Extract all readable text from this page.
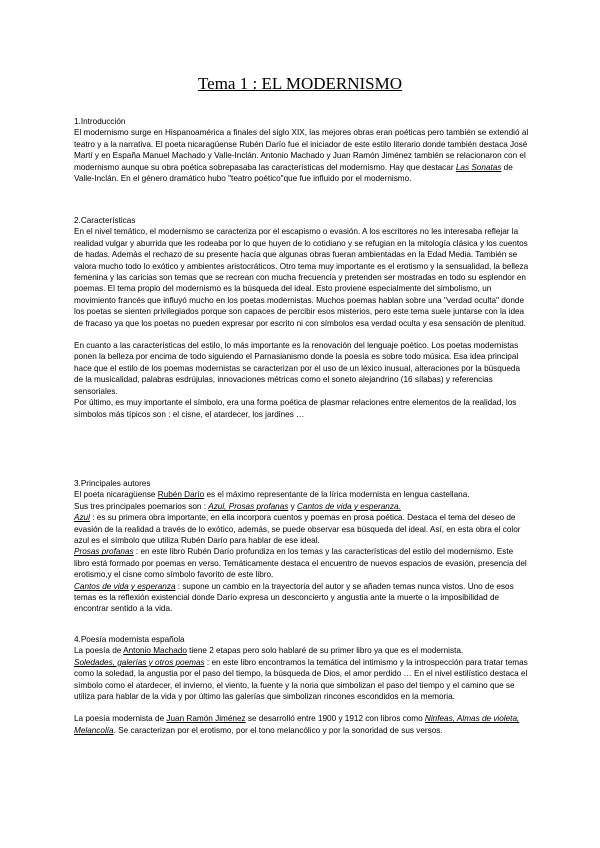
Tema 1 : EL MODERNISMO

1.Introducción

El modernismo surge en Hispanoamérica a finales del siglo XIX, las mejores obras eran poéticas pero también se extendió al teatro y a la narrativa. El poeta nicaragüense Rubén Darío fue el iniciador de este estilo literario donde también destaca José Martí y en España Manuel Machado y Valle-Inclán. Antonio Machado y Juan Ramón Jiménez también se relacionaron con el modernismo aunque su obra poética sobrepasaba las características del modernismo. Hay que destacar Las Sonatas de Valle-Inclán. En el género dramático hubo "teatro poético"que fue influido por el modernismo.

2.Características

En el nivel temático, el modernismo se caracteriza por el escapismo o evasión. A los escritores no les interesaba reflejar la realidad vulgar y aburrida que les rodeaba por lo que huyen de lo cotidiano y se refugian en la mitología clásica y los cuentos de hadas. Además el rechazo de su presente hacía que algunas obras fueran ambientadas en la Edad Media. También se valora mucho todo lo exótico y ambientes aristocráticos. Otro tema muy importante es el erotismo y la sensualidad, la belleza femenina y las caricias son temas que se recrean con mucha frecuencia y pretenden ser mostradas en todo su esplendor en poemas. El tema propio del modernismo es la búsqueda del ideal. Esto proviene especialmente del simbolismo, un movimiento francés que influyó mucho en los poetas modernistas. Muchos poemas hablan sobre una "verdad oculta" donde los poetas se sienten privilegiados porque son capaces de percibir esos misterios, pero este tema suele juntarse con la idea de fracaso ya que los poetas no pueden expresar por escrito ni con símbolos esa verdad oculta y esa sensación de plenitud.

En cuanto a las características del estilo, lo más importante es la renovación del lenguaje poético. Los poetas modernistas ponen la belleza por encima de todo siguiendo el Parnasianismo donde la poesía es sobre todo música. Esa idea principal hace que el estilo de los poemas modernistas se caracterizan por el uso de un léxico inusual, alteraciones por la búsqueda de la musicalidad, palabras esdrújulas, innovaciones métricas como el soneto alejandrino (16 sílabas) y referencias sensoriales.

Por último, es muy importante el símbolo, era una forma poética de plasmar relaciones entre elementos de la realidad, los símbolos más típicos son : el cisne, el atardecer, los jardines …

3.Principales autores

El poeta nicaragüense Rubén Darío es el máximo representante de la lírica modernista en lengua castellana.

Sus tres principales poemarios son : Azul, Prosas profanas y Cantos de vida y esperanza.

Azul : es su primera obra importante, en ella incorpora cuentos y poemas en prosa poética. Destaca el tema del deseo de evasión de la realidad a través de lo exótico, además, se puede observar esa búsqueda del ideal. Así, en esta obra el color azul es el símbolo que utiliza Rubén Darío para hablar de ese ideal.

Prosas profanas : en este libro Rubén Darío profundiza en los temas y las características del estilo del modernismo. Este libro está formado por poemas en verso. Temáticamente destaca el encuentro de nuevos espacios de evasión, presencia del erotismo,y el cisne como símbolo favorito de este libro.

Cantos de vida y esperanza : supone un cambio en la trayectoria del autor y se añaden temas nunca vistos. Uno de esos temas es la reflexión existencial donde Darío expresa un desconcierto y angustia ante la muerte o la imposibilidad de encontrar sentido a la vida.

4.Poesía modernista española

La poesía de Antonio Machado tiene 2 etapas pero solo hablaré de su primer libro ya que es el modernista.

Soledades, galerías y otros poemas : en este libro encontramos la temática del intimismo y la introspección para tratar temas como la soledad, la angustia por el paso del tiempo, la búsqueda de Dios, el amor perdido … En el nivel estilístico destaca el símbolo como el atardecer, el invierno, el viento, la fuente y la noria que simbolizan el paso del tiempo y el camino que se utiliza para hablar de la vida y por último las galerías que simbolizan rincones escondidos en la memoria.

La poesía modernista de Juan Ramón Jiménez se desarrolló entre 1900 y 1912 con libros como Ninfeas, Almas de violeta, Melancolía. Se caracterizan por el erotismo, por el tono melancólico y por la sonoridad de sus versos.
